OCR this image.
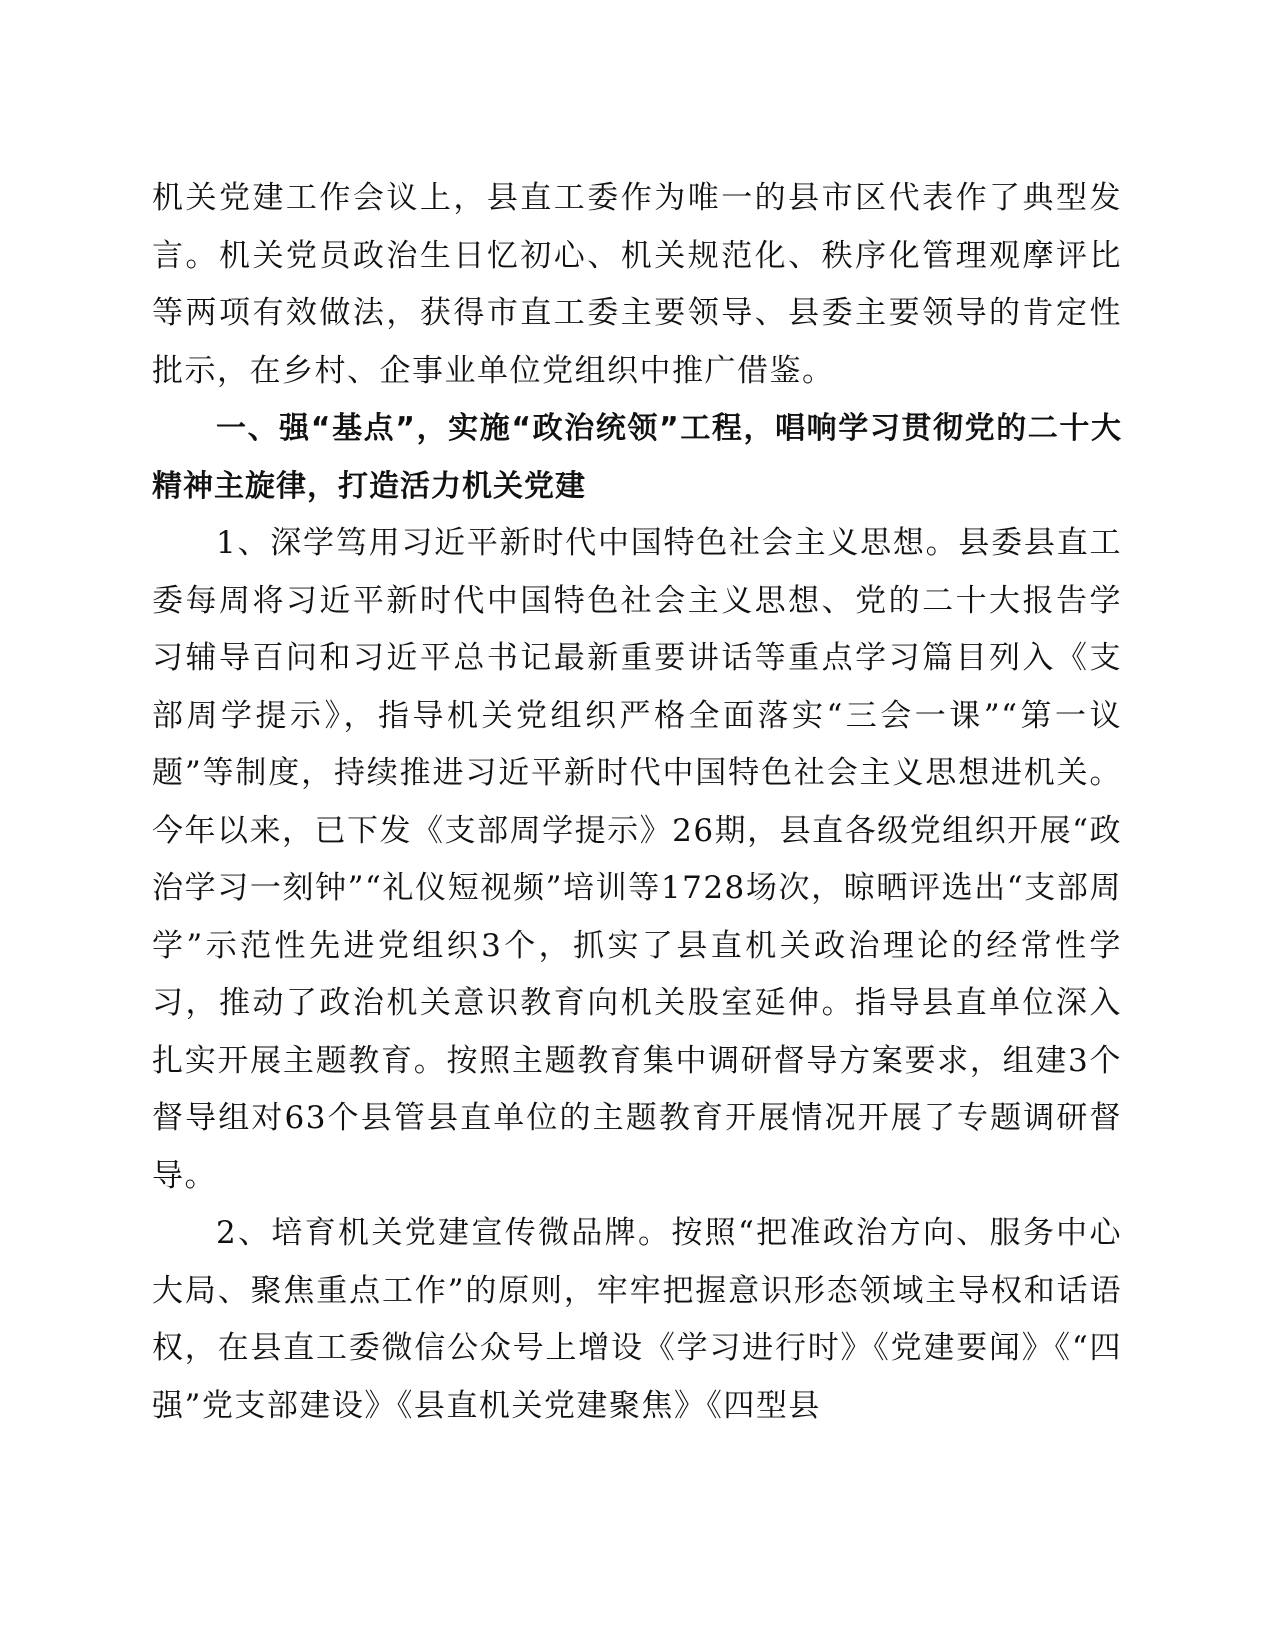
机关党建工作会议上，县直工委作为唯一的县市区代表作了典型发言。机关党员政治生日忆初心、机关规范化、秩序化管理观摩评比等两项有效做法，获得市直工委主要领导、县委主要领导的肯定性批示，在乡村、企事业单位党组织中推广借鉴。

一、强“基点”，实施“政治统领”工程，唱响学习贯彻党的二十大精神主旋律，打造活力机关党建

1、深学笃用习近平新时代中国特色社会主义思想。县委县直工委每周将习近平新时代中国特色社会主义思想、党的二十大报告学习辅导百问和习近平总书记最新重要讲话等重点学习篇目列入《支部周学提示》，指导机关党组织严格全面落实“三会一课”“第一议题”等制度，持续推进习近平新时代中国特色社会主义思想进机关。今年以来，已下发《支部周学提示》26期，县直各级党组织开展“政治学习一刻钟”“礼仪短视频”培训等1728场次，晾晒评选出“支部周学”示范性先进党组织3个，抓实了县直机关政治理论的经常性学习，推动了政治机关意识教育向机关股室延伸。指导县直单位深入扎实开展主题教育。按照主题教育集中调研督导方案要求，组建3个督导组对63个县管县直单位的主题教育开展情况开展了专题调研督导。

2、培育机关党建宣传微品牌。按照“把准政治方向、服务中心大局、聚焦重点工作”的原则，牢牢把握意识形态领域主导权和话语权，在县直工委微信公众号上增设《学习进行时》《党建要闻》《“四强”党支部建设》《县直机关党建聚焦》《四型县
